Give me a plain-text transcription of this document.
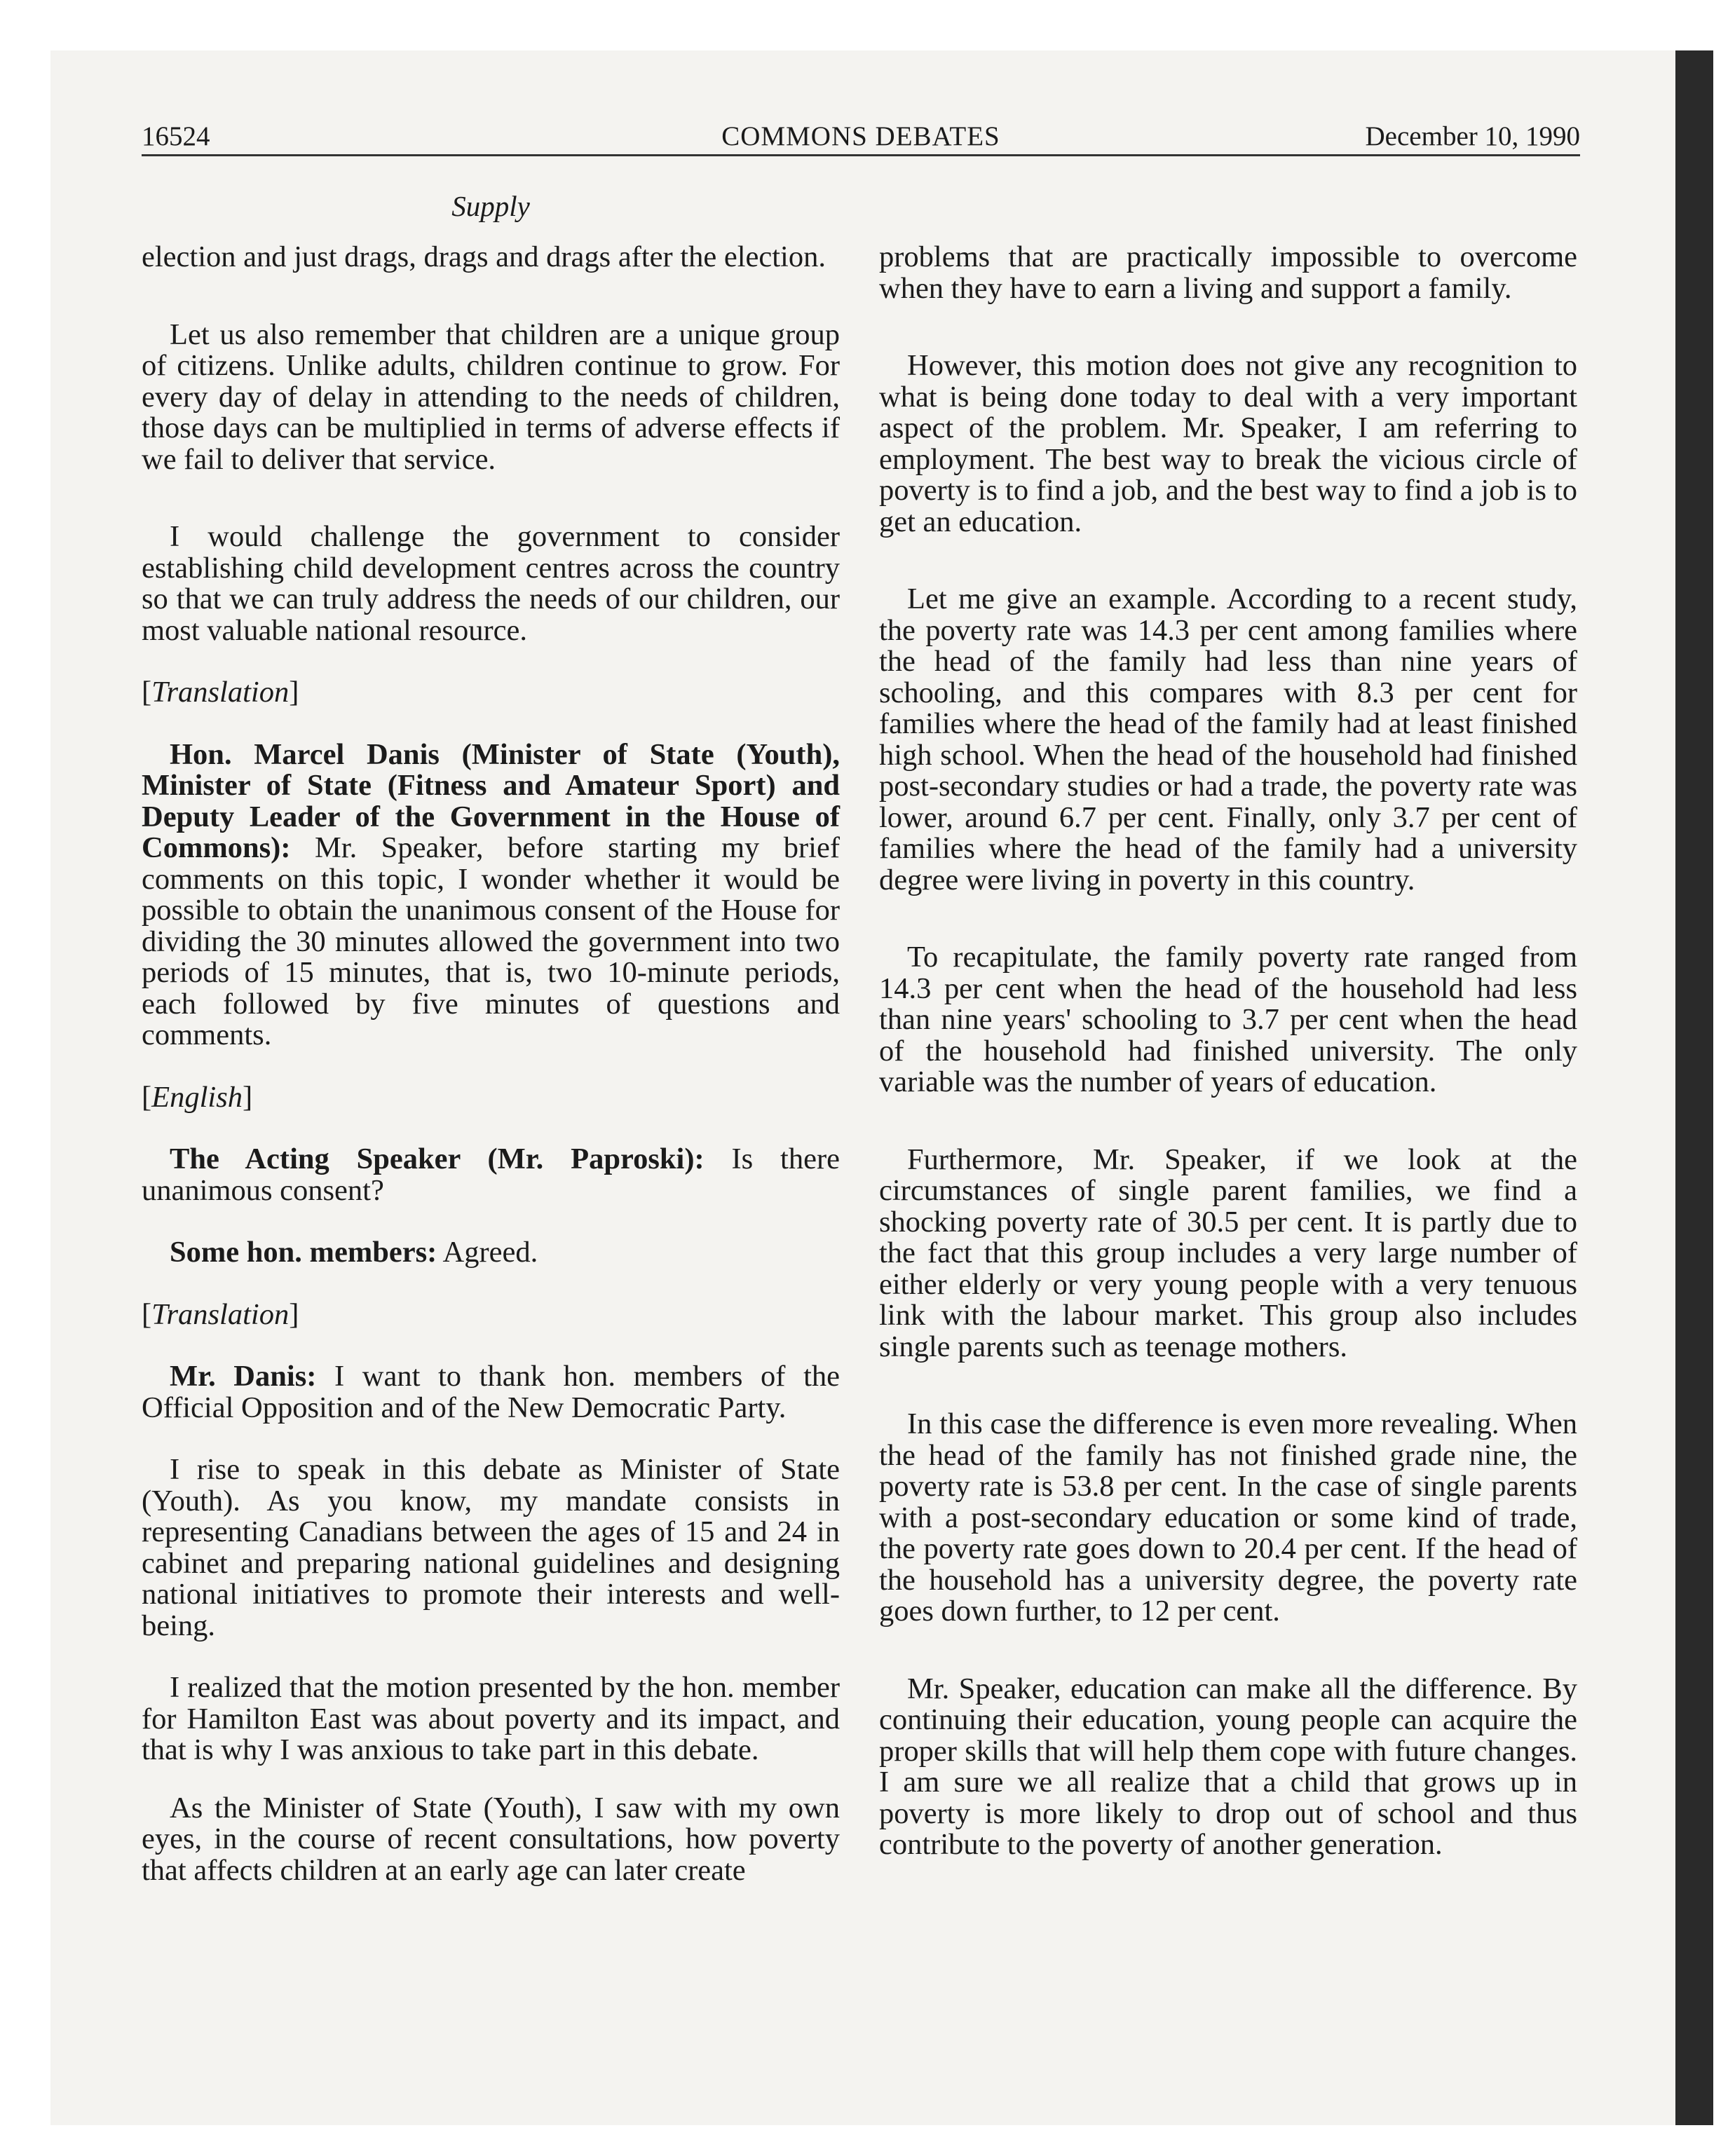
16524	COMMONS DEBATES	December 10, 1990
Supply

election and just drags, drags and drags after the election.

Let us also remember that children are a unique group of citizens. Unlike adults, children continue to grow. For every day of delay in attending to the needs of children, those days can be multiplied in terms of adverse effects if we fail to deliver that service.

I would challenge the government to consider establishing child development centres across the country so that we can truly address the needs of our children, our most valuable national resource.

[Translation]

Hon. Marcel Danis (Minister of State (Youth), Minister of State (Fitness and Amateur Sport) and Deputy Leader of the Government in the House of Commons): Mr. Speaker, before starting my brief comments on this topic, I wonder whether it would be possible to obtain the unanimous consent of the House for dividing the 30 minutes allowed the government into two periods of 15 minutes, that is, two 10-minute periods, each followed by five minutes of questions and comments.

[English]

The Acting Speaker (Mr. Paproski): Is there unanimous consent?

Some hon. members: Agreed.

[Translation]

Mr. Danis: I want to thank hon. members of the Official Opposition and of the New Democratic Party.

I rise to speak in this debate as Minister of State (Youth). As you know, my mandate consists in representing Canadians between the ages of 15 and 24 in cabinet and preparing national guidelines and designing national initiatives to promote their interests and well-being.

I realized that the motion presented by the hon. member for Hamilton East was about poverty and its impact, and that is why I was anxious to take part in this debate.

As the Minister of State (Youth), I saw with my own eyes, in the course of recent consultations, how poverty that affects children at an early age can later create

problems that are practically impossible to overcome when they have to earn a living and support a family.

However, this motion does not give any recognition to what is being done today to deal with a very important aspect of the problem. Mr. Speaker, I am referring to employment. The best way to break the vicious circle of poverty is to find a job, and the best way to find a job is to get an education.

Let me give an example. According to a recent study, the poverty rate was 14.3 per cent among families where the head of the family had less than nine years of schooling, and this compares with 8.3 per cent for families where the head of the family had at least finished high school. When the head of the household had finished post-secondary studies or had a trade, the poverty rate was lower, around 6.7 per cent. Finally, only 3.7 per cent of families where the head of the family had a university degree were living in poverty in this country.

To recapitulate, the family poverty rate ranged from 14.3 per cent when the head of the household had less than nine years' schooling to 3.7 per cent when the head of the household had finished university. The only variable was the number of years of education.

Furthermore, Mr. Speaker, if we look at the circumstances of single parent families, we find a shocking poverty rate of 30.5 per cent. It is partly due to the fact that this group includes a very large number of either elderly or very young people with a very tenuous link with the labour market. This group also includes single parents such as teenage mothers.

In this case the difference is even more revealing. When the head of the family has not finished grade nine, the poverty rate is 53.8 per cent. In the case of single parents with a post-secondary education or some kind of trade, the poverty rate goes down to 20.4 per cent. If the head of the household has a university degree, the poverty rate goes down further, to 12 per cent.

Mr. Speaker, education can make all the difference. By continuing their education, young people can acquire the proper skills that will help them cope with future changes. I am sure we all realize that a child that grows up in poverty is more likely to drop out of school and thus contribute to the poverty of another generation.
